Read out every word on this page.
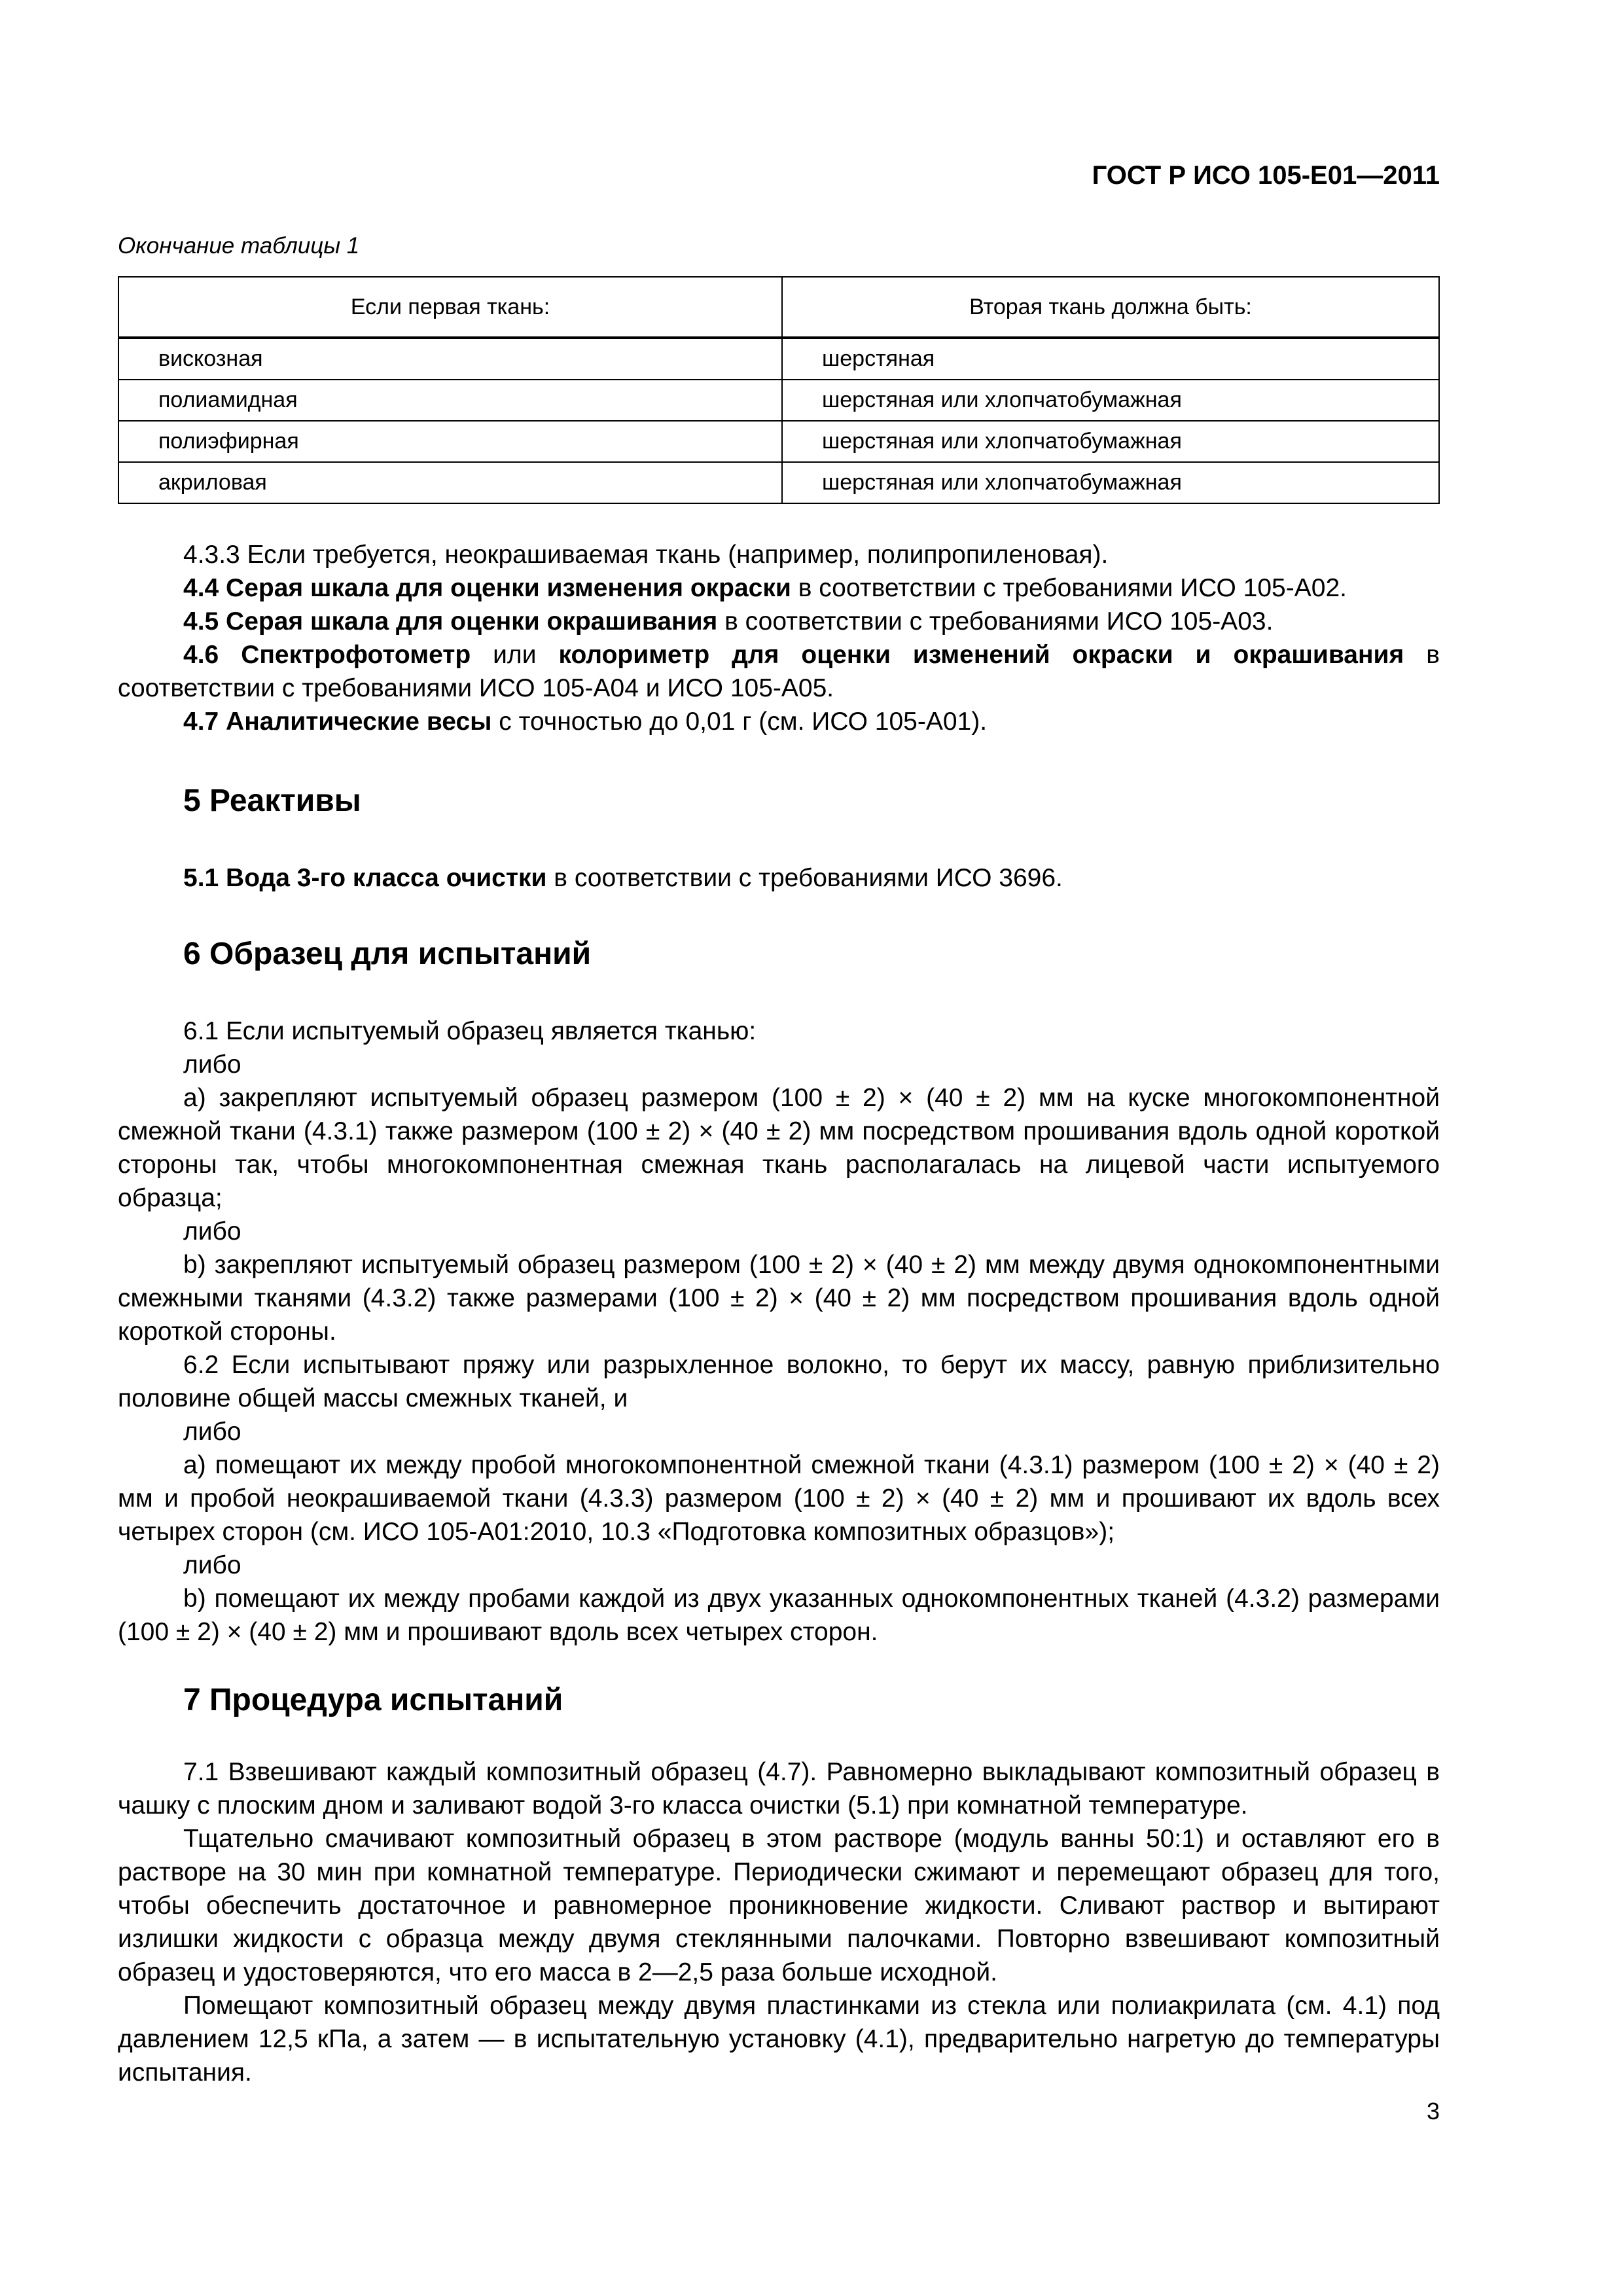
ГОСТ Р ИСО 105-Е01—2011
Окончание таблицы 1
Если первая ткань:	Вторая ткань должна быть:
вискозная	шерстяная
полиамидная	шерстяная или хлопчатобумажная
полиэфирная	шерстяная или хлопчатобумажная
акриловая	шерстяная или хлопчатобумажная

4.3.3 Если требуется, неокрашиваемая ткань (например, полипропиленовая).

4.4 Серая шкала для оценки изменения окраски в соответствии с требованиями ИСО 105-А02.

4.5 Серая шкала для оценки окрашивания в соответствии с требованиями ИСО 105-А03.

4.6 Спектрофотометр или колориметр для оценки изменений окраски и окрашивания в соответствии с требованиями ИСО 105-А04 и ИСО 105-А05.

4.7 Аналитические весы с точностью до 0,01 г (см. ИСО 105-А01).

5 Реактивы

5.1 Вода 3-го класса очистки в соответствии с требованиями ИСО 3696.

6 Образец для испытаний

6.1 Если испытуемый образец является тканью:

либо

а) закрепляют испытуемый образец размером (100 ± 2) × (40 ± 2) мм на куске многокомпонентной смежной ткани (4.3.1) также размером (100 ± 2) × (40 ± 2) мм посредством прошивания вдоль одной короткой стороны так, чтобы многокомпонентная смежная ткань располагалась на лицевой части испытуемого образца;

либо

b) закрепляют испытуемый образец размером (100 ± 2) × (40 ± 2) мм между двумя однокомпонентными смежными тканями (4.3.2) также размерами (100 ± 2) × (40 ± 2) мм посредством прошивания вдоль одной короткой стороны.

6.2 Если испытывают пряжу или разрыхленное волокно, то берут их массу, равную приблизительно половине общей массы смежных тканей, и

либо

а) помещают их между пробой многокомпонентной смежной ткани (4.3.1) размером (100 ± 2) × (40 ± 2) мм и пробой неокрашиваемой ткани (4.3.3) размером (100 ± 2) × (40 ± 2) мм и прошивают их вдоль всех четырех сторон (см. ИСО 105-А01:2010, 10.3 «Подготовка композитных образцов»);

либо

b) помещают их между пробами каждой из двух указанных однокомпонентных тканей (4.3.2) размерами (100 ± 2) × (40 ± 2) мм и прошивают вдоль всех четырех сторон.

7 Процедура испытаний

7.1 Взвешивают каждый композитный образец (4.7). Равномерно выкладывают композитный образец в чашку с плоским дном и заливают водой 3-го класса очистки (5.1) при комнатной температуре.

Тщательно смачивают композитный образец в этом растворе (модуль ванны 50:1) и оставляют его в растворе на 30 мин при комнатной температуре. Периодически сжимают и перемещают образец для того, чтобы обеспечить достаточное и равномерное проникновение жидкости. Сливают раствор и вытирают излишки жидкости с образца между двумя стеклянными палочками. Повторно взвешивают композитный образец и удостоверяются, что его масса в 2—2,5 раза больше исходной.

Помещают композитный образец между двумя пластинками из стекла или полиакрилата (см. 4.1) под давлением 12,5 кПа, а затем — в испытательную установку (4.1), предварительно нагретую до температуры испытания.

3
